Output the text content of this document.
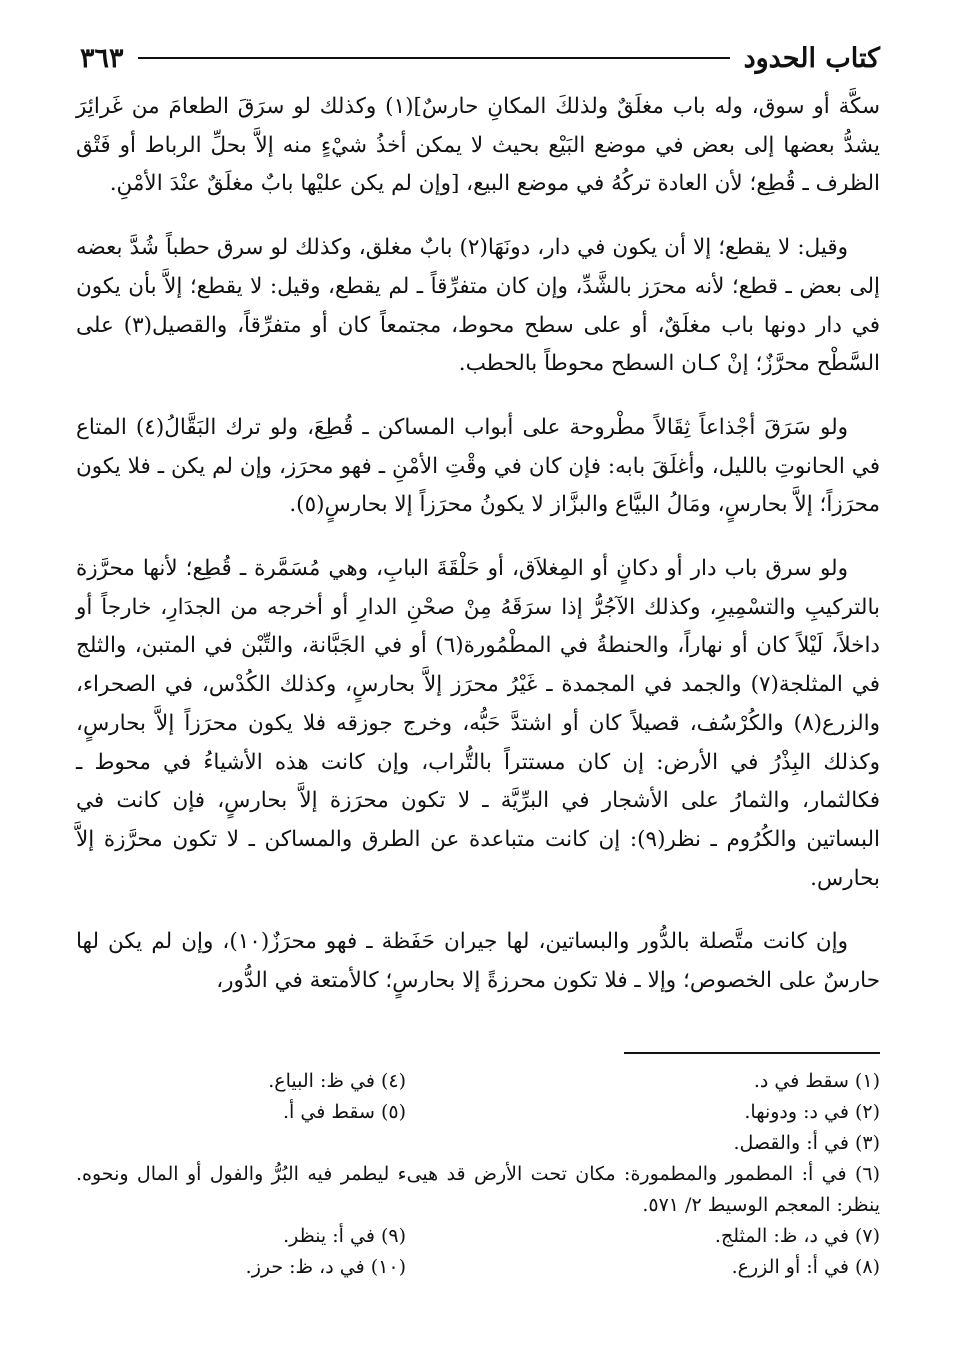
كتاب الحدود
٣٦٣

سكَّة أو سوق، وله باب مغلَقٌ ولذلكَ المكانِ حارسٌ](١) وكذلك لو سرَقَ الطعامَ من غَرائِرَ يشدُّ بعضها إلى بعض في موضع البَيْع بحيث لا يمكن أخذُ شيْءٍ منه إلاَّ بحلِّ الرباط أو فَتْق الظرف ـ قُطِع؛ لأن العادة تركُهُ في موضع البيع، [وإن لم يكن عليْها بابٌ مغلَقٌ عنْدَ الأمْنِ.

وقيل: لا يقطع؛ إلا أن يكون في دار، دونَهَا(٢) بابٌ مغلق، وكذلك لو سرق حطباً شُدَّ بعضه إلى بعض ـ قطع؛ لأنه محرَز بالشَّدِّ، وإن كان متفرِّقاً ـ لم يقطع، وقيل: لا يقطع؛ إلاَّ بأن يكون في دار دونها باب مغلَقٌ، أو على سطح محوط، مجتمعاً كان أو متفرِّقاً، والقصيل(٣) على السَّطْح محرَّزٌ؛ إنْ كـان السطح محوطاً بالحطب.

ولو سَرَقَ أجْذاعاً ثِقَالاً مطْروحة على أبواب المساكن ـ قُطِعَ، ولو ترك البَقَّالُ(٤) المتاع في الحانوتِ بالليل، وأغلَقَ بابه: فإن كان في وقْتِ الأمْنِ ـ فهو محرَز، وإن لم يكن ـ فلا يكون محرَزاً؛ إلاَّ بحارسٍ، ومَالُ البيَّاع والبزَّاز لا يكونُ محرَزاً إلا بحارسٍ(٥).

ولو سرق باب دار أو دكانٍ أو المِغلاَق، أو حَلْقَةَ البابِ، وهي مُسَمَّرة ـ قُطِع؛ لأنها محرَّزة بالتركيبِ والتسْمِيرِ، وكذلك الآجُرُّ إذا سرَقَهُ مِنْ صحْنِ الدارِ أو أخرجه من الجدَارِ، خارجاً أو داخلاً، لَيْلاً كان أو نهاراً، والحنطةُ في المطْمُورة(٦) أو في الجَبَّانة، والتِّبْن في المتبن، والثلج في المثلجة(٧) والجمد في المجمدة ـ غَيْرُ محرَز إلاَّ بحارسٍ، وكذلك الكُدْس، في الصحراء، والزرع(٨) والكُرْسُف، قصيلاً كان أو اشتدَّ حَبُّه، وخرج جوزقه فلا يكون محرَزاً إلاَّ بحارسٍ، وكذلك البِذْرُ في الأرض: إن كان مستتراً بالتُّراب، وإن كانت هذه الأشياءُ في محوط ـ فكالثمار، والثمارُ على الأشجار في البرِّيَّة ـ لا تكون محرَزة إلاَّ بحارسٍ، فإن كانت في البساتين والكُرُوم ـ نظر(٩): إن كانت متباعدة عن الطرق والمساكن ـ لا تكون محرَّزة إلاَّ بحارس.

وإن كانت متَّصلة بالدُّور والبساتين، لها جيران حَفَظة ـ فهو محرَزٌ(١٠)، وإن لم يكن لها حارسٌ على الخصوص؛ وإلا ـ فلا تكون محرزةً إلا بحارسٍ؛ كالأمتعة في الدُّور،

(١) سقط في د.
(٢) في د: ودونها.
(٣) في أ: والقصل.
(٤) في ظ: البياع.
(٥) سقط في أ.
(٦) في أ: المطمور والمطمورة: مكان تحت الأرض قد هيىء ليطمر فيه البُرُّ والفول أو المال ونحوه. ينظر: المعجم الوسيط ٢/ ٥٧١.
(٧) في د، ظ: المثلج.
(٨) في أ: أو الزرع.
(٩) في أ: ينظر.
(١٠) في د، ظ: حرز.
